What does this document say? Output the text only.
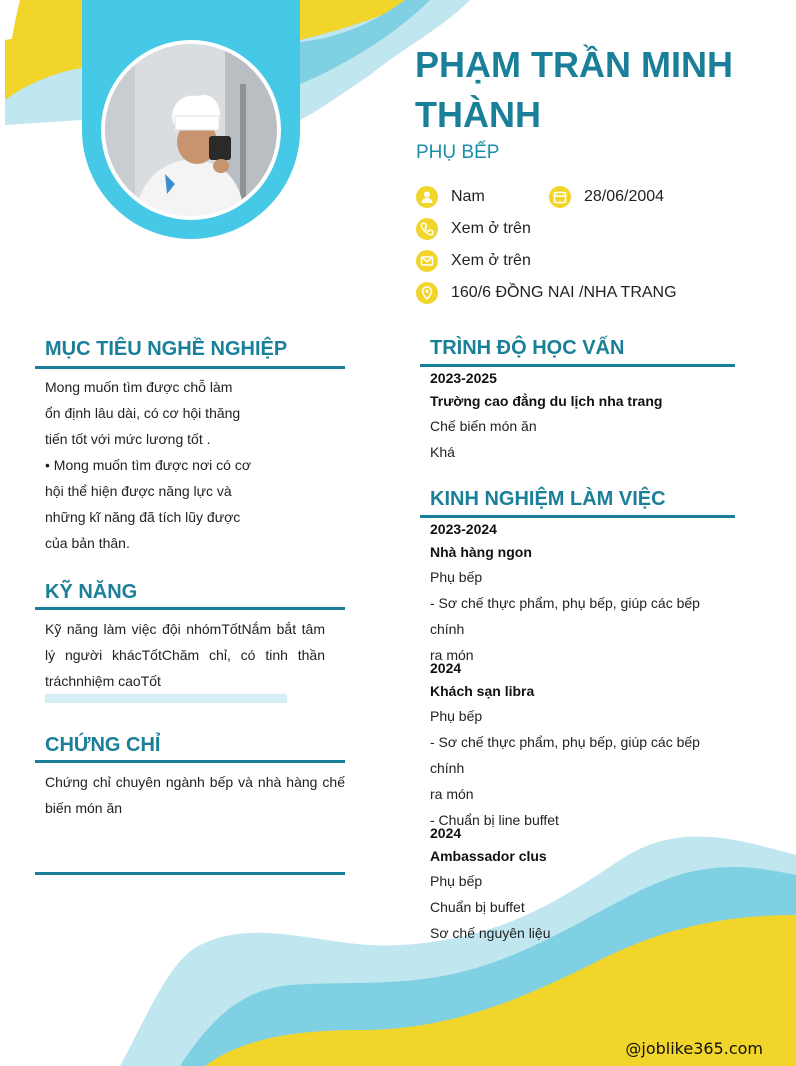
PHẠM TRẦN MINH
THÀNH
PHỤ BẾP
Nam	28/06/2004
Xem ở trên
Xem ở trên
160/6 ĐỒNG NAI /NHA TRANG
MỤC TIÊU NGHỀ NGHIỆP
Mong muốn tìm được chỗ làm
ổn định lâu dài, có cơ hội thăng
tiến tốt với mức lương tốt .
• Mong muốn tìm được nơi có cơ
hội thể hiện được năng lực và
những kĩ năng đã tích lũy được
của bản thân.
KỸ NĂNG
Kỹ năng làm việc đội nhómTốtNắm bắt tâm
lý người khácTốtChăm chỉ, có tinh thần
tráchnhiệm caoTốt
CHỨNG CHỈ
Chứng chỉ chuyên ngành bếp và nhà hàng chế
biến món ăn
TRÌNH ĐỘ HỌC VẤN
2023-2025
Trường cao đẳng du lịch nha trang
Chế biến món ăn
Khá
KINH NGHIỆM LÀM VIỆC
2023-2024
Nhà hàng ngon
Phụ bếp
- Sơ chế thực phẩm, phụ bếp, giúp các bếp chính
ra món
2024
Khách sạn libra
Phụ bếp
- Sơ chế thực phẩm, phụ bếp, giúp các bếp chính
ra món
- Chuẩn bị line buffet
2024
Ambassador clus
Phụ bếp
Chuẩn bị buffet
Sơ chế nguyên liệu
@joblike365.com
